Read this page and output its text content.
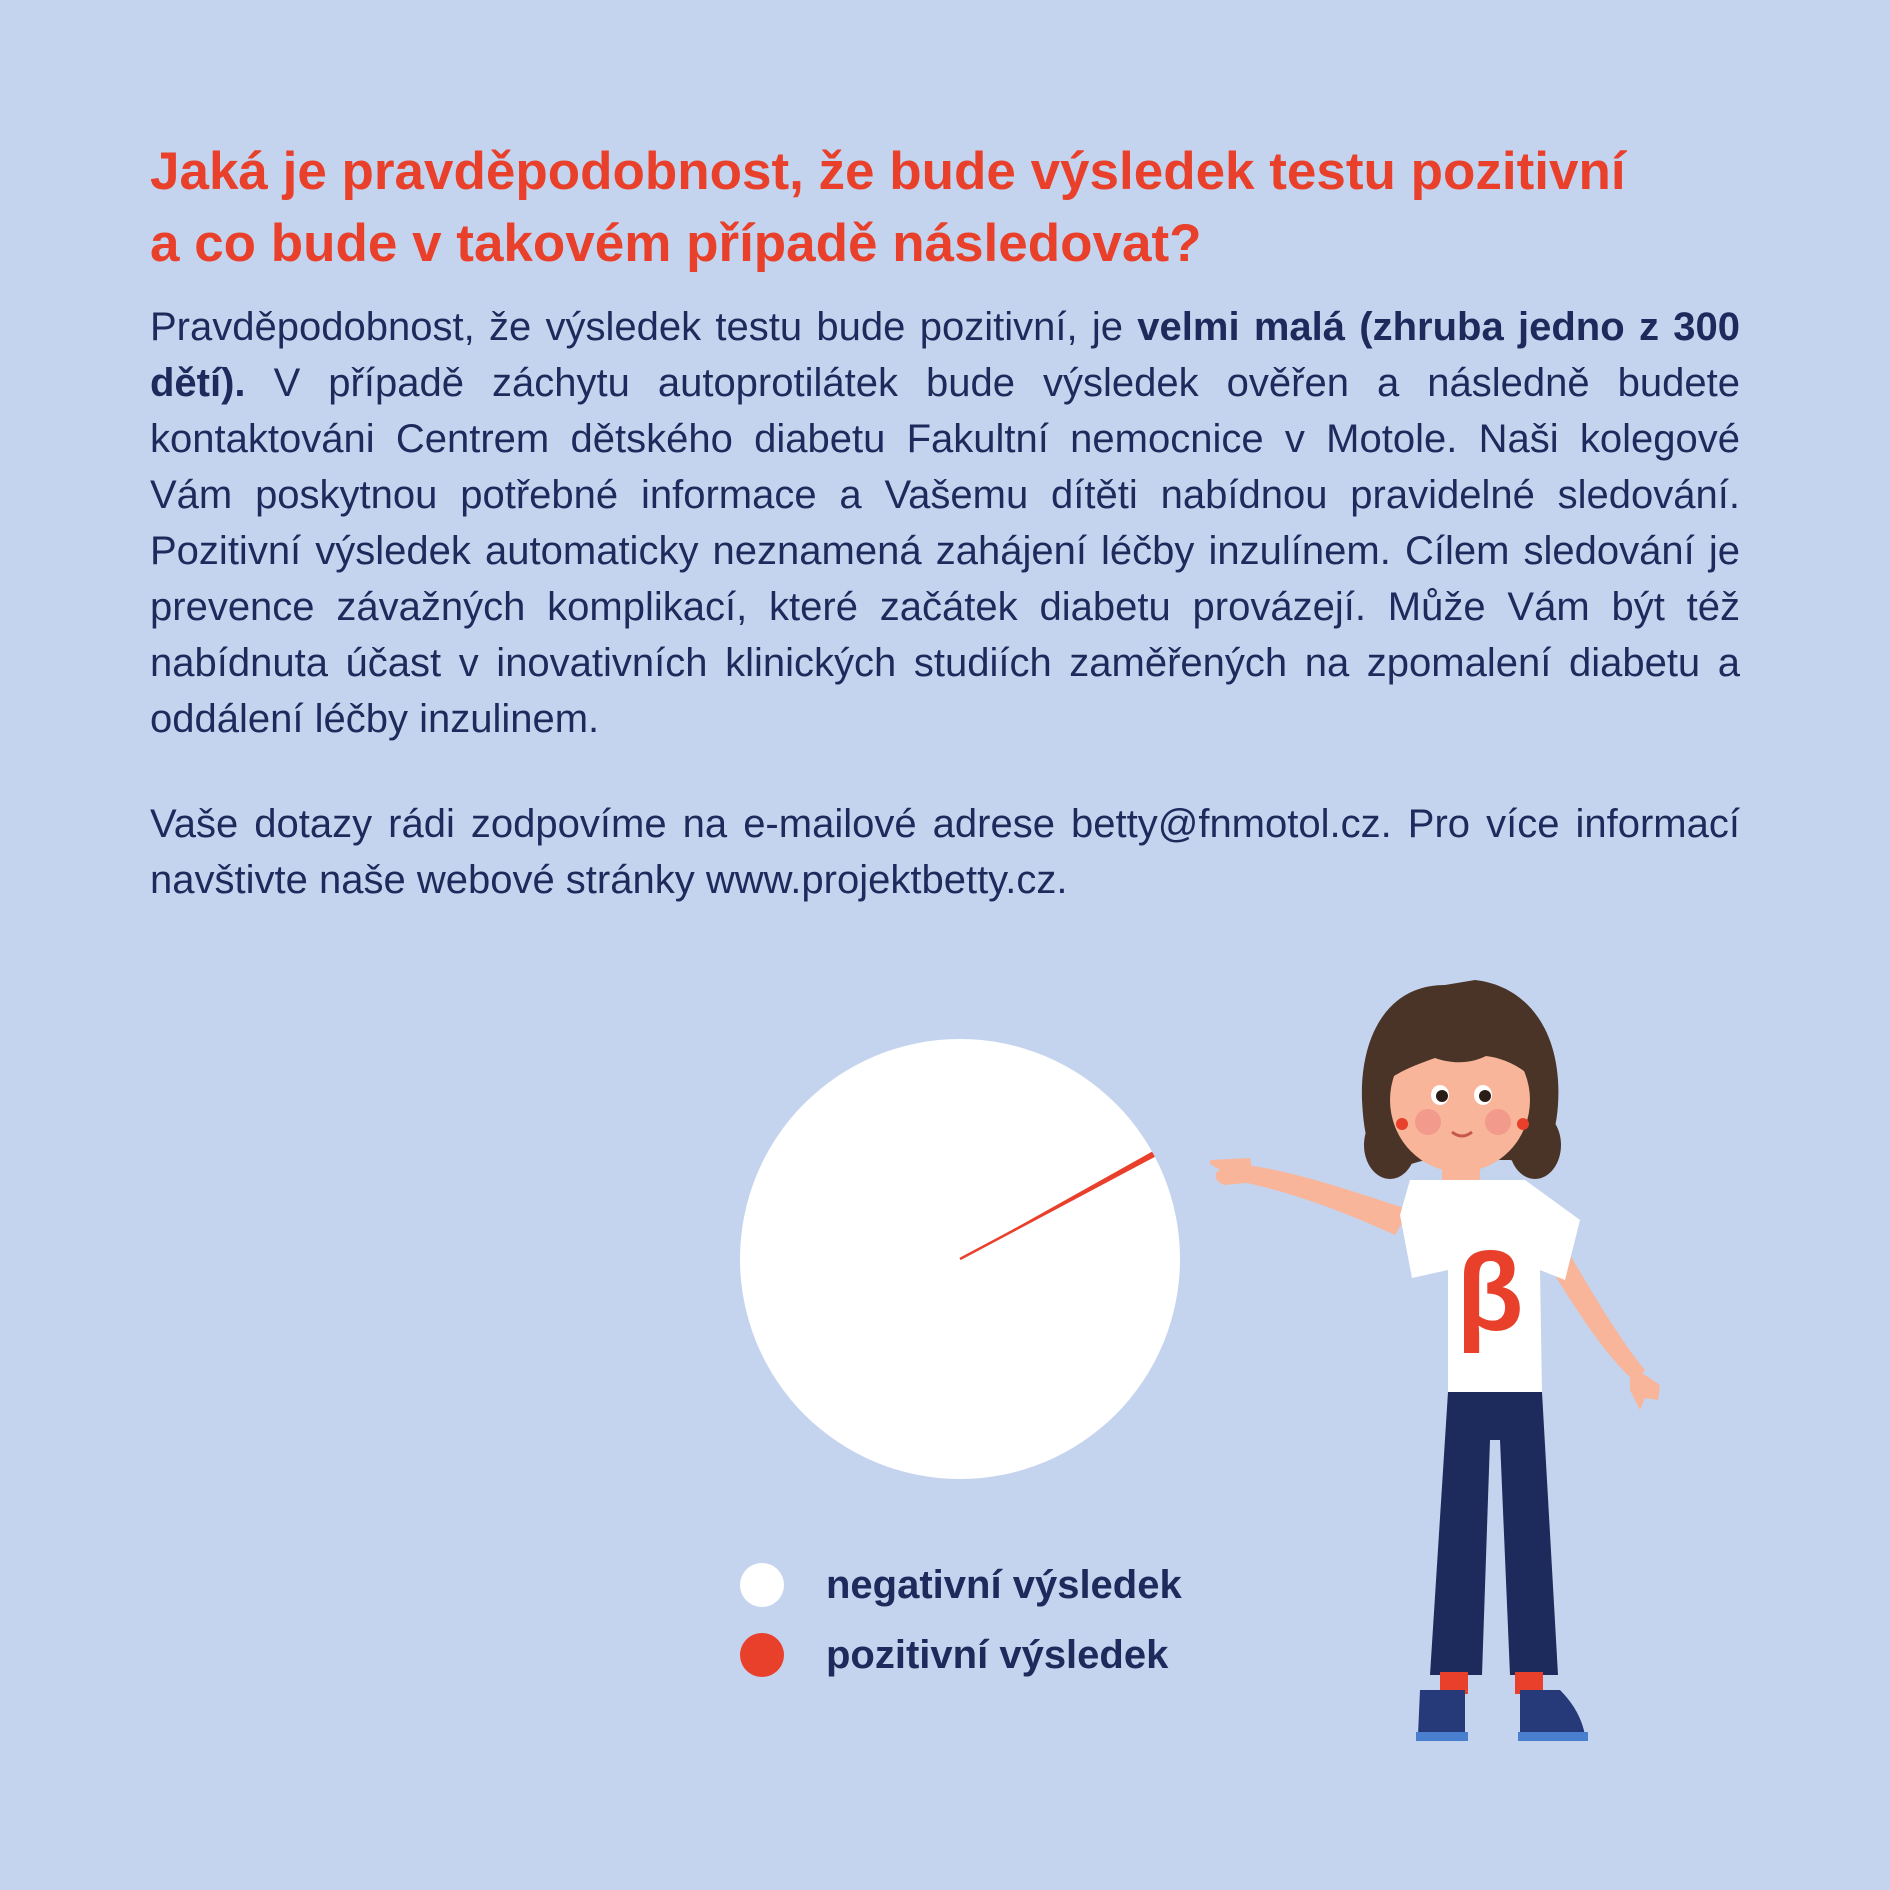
Jaká je pravděpodobnost, že bude výsledek testu pozitivní
a co bude v takovém případě následovat?

Pravděpodobnost, že výsledek testu bude pozitivní, je velmi malá (zhruba jedno z 300 dětí). V případě záchytu autoprotilátek bude výsledek ověřen a následně budete kontaktováni Centrem dětského diabetu Fakultní nemocnice v Motole. Naši kolegové Vám poskytnou potřebné informace a Vašemu dítěti nabídnou pravidelné sledování. Pozitivní výsledek automaticky neznamená zahájení léčby inzulínem. Cílem sledování je prevence závažných komplikací, které začátek diabetu provázejí. Může Vám být též nabídnuta účast v inovativních klinických studiích zaměřených na zpomalení diabetu a oddálení léčby inzulinem.

Vaše dotazy rádi zodpovíme na e-mailové adrese betty@fnmotol.cz. Pro více informací navštivte naše webové stránky www.projektbetty.cz.

negativní výsledek
pozitivní výsledek
β
